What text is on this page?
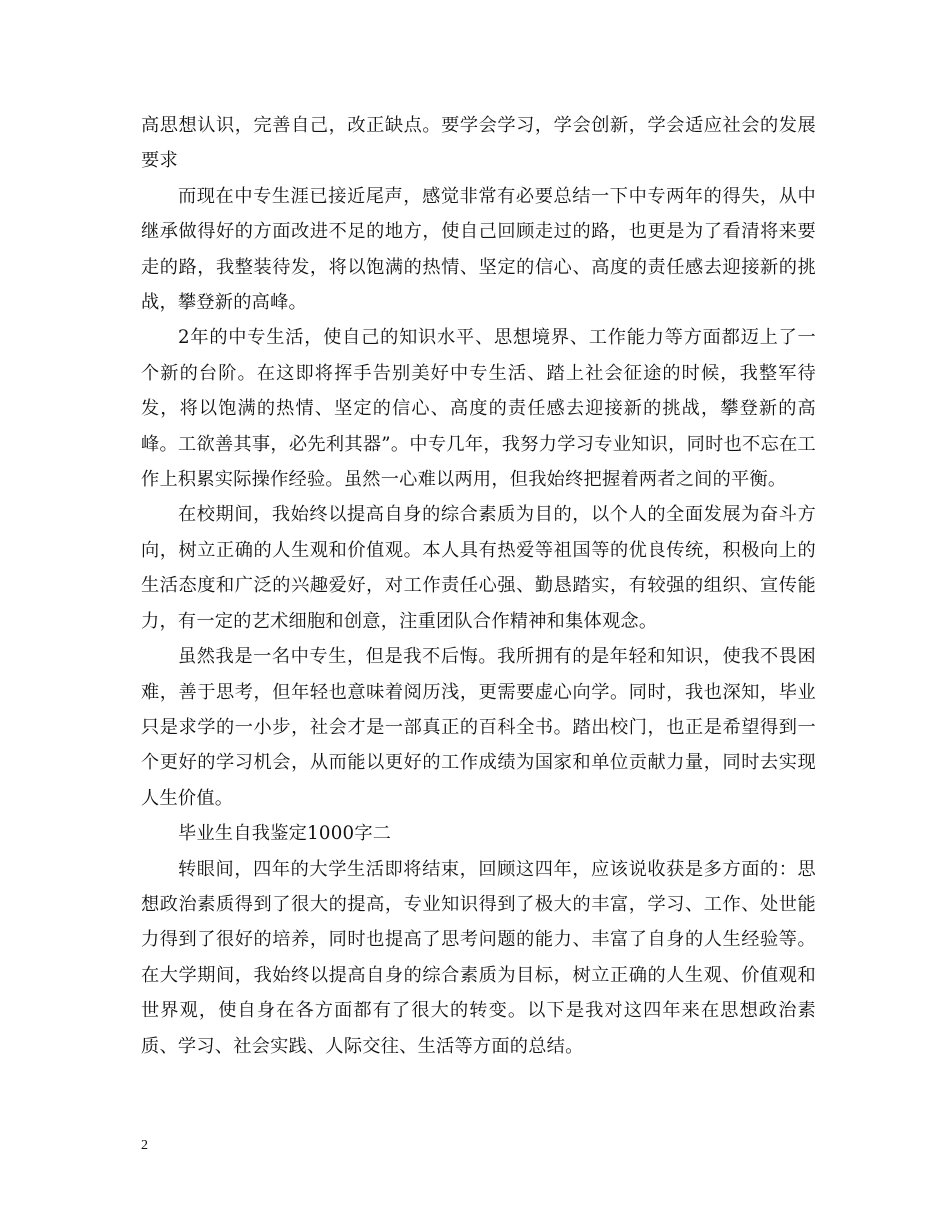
高思想认识，完善自己，改正缺点。要学会学习，学会创新，学会适应社会的发展要求

而现在中专生涯已接近尾声，感觉非常有必要总结一下中专两年的得失，从中继承做得好的方面改进不足的地方，使自己回顾走过的路，也更是为了看清将来要走的路，我整装待发，将以饱满的热情、坚定的信心、高度的责任感去迎接新的挑战，攀登新的高峰。

2年的中专生活，使自己的知识水平、思想境界、工作能力等方面都迈上了一个新的台阶。在这即将挥手告别美好中专生活、踏上社会征途的时候，我整军待发，将以饱满的热情、坚定的信心、高度的责任感去迎接新的挑战，攀登新的高峰。工欲善其事，必先利其器”。中专几年，我努力学习专业知识，同时也不忘在工作上积累实际操作经验。虽然一心难以两用，但我始终把握着两者之间的平衡。

在校期间，我始终以提高自身的综合素质为目的，以个人的全面发展为奋斗方向，树立正确的人生观和价值观。本人具有热爱等祖国等的优良传统，积极向上的生活态度和广泛的兴趣爱好，对工作责任心强、勤恳踏实，有较强的组织、宣传能力，有一定的艺术细胞和创意，注重团队合作精神和集体观念。

虽然我是一名中专生，但是我不后悔。我所拥有的是年轻和知识，使我不畏困难，善于思考，但年轻也意味着阅历浅，更需要虚心向学。同时，我也深知，毕业只是求学的一小步，社会才是一部真正的百科全书。踏出校门，也正是希望得到一个更好的学习机会，从而能以更好的工作成绩为国家和单位贡献力量，同时去实现人生价值。

毕业生自我鉴定1000字二

转眼间，四年的大学生活即将结束，回顾这四年，应该说收获是多方面的：思想政治素质得到了很大的提高，专业知识得到了极大的丰富，学习、工作、处世能力得到了很好的培养，同时也提高了思考问题的能力、丰富了自身的人生经验等。在大学期间，我始终以提高自身的综合素质为目标，树立正确的人生观、价值观和世界观，使自身在各方面都有了很大的转变。以下是我对这四年来在思想政治素质、学习、社会实践、人际交往、生活等方面的总结。

2
